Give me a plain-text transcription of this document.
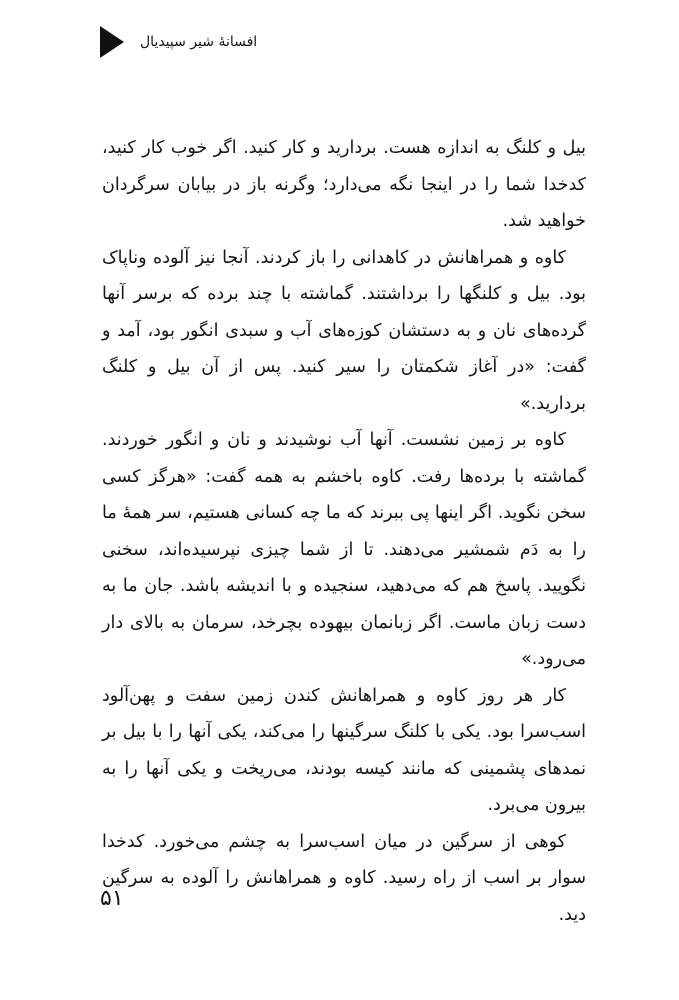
افسانهٔ شیر سپیدیال

بیل و کلنگ به اندازه هست. بردارید و کار کنید. اگر خوب کار کنید، کدخدا شما را در اینجا نگه می‌دارد؛ وگرنه باز در بیابان سرگردان خواهید شد.

کاوه و همراهانش در کاهدانی را باز کردند. آنجا نیز آلوده وناپاک بود. بیل و کلنگها را برداشتند. گماشته با چند برده که برسر آنها گرده‌های نان و به دستشان کوزه‌های آب و سبدی انگور بود، آمد و گفت: «در آغاز شکمتان را سیر کنید. پس از آن بیل و کلنگ بردارید.»

کاوه بر زمین نشست. آنها آب نوشیدند و نان و انگور خوردند. گماشته با برده‌ها رفت. کاوه باخشم به همه گفت: «هرگز کسی سخن نگوید. اگر اینها پی ببرند که ما چه کسانی هستیم، سر همهٔ ما را به دَم شمشیر می‌دهند. تا از شما چیزی نپرسیده‌اند، سخنی نگویید. پاسخ هم که می‌دهید، سنجیده و با اندیشه باشد. جان ما به دست زبان ماست. اگر زبانمان بیهوده بچرخد، سرمان به بالای دار می‌رود.»

کار هر روز کاوه و همراهانش کندن زمین سفت و پهن‌آلود اسب‌سرا بود. یکی با کلنگ سرگینها را می‌کند، یکی آنها را با بیل بر نمدهای پشمینی که مانند کیسه بودند، می‌ریخت و یکی آنها را به بیرون می‌برد.

کوهی از سرگین در میان اسب‌سرا به چشم می‌خورد. کدخدا سوار بر اسب از راه رسید. کاوه و همراهانش را آلوده به سرگین دید.

۵۱
